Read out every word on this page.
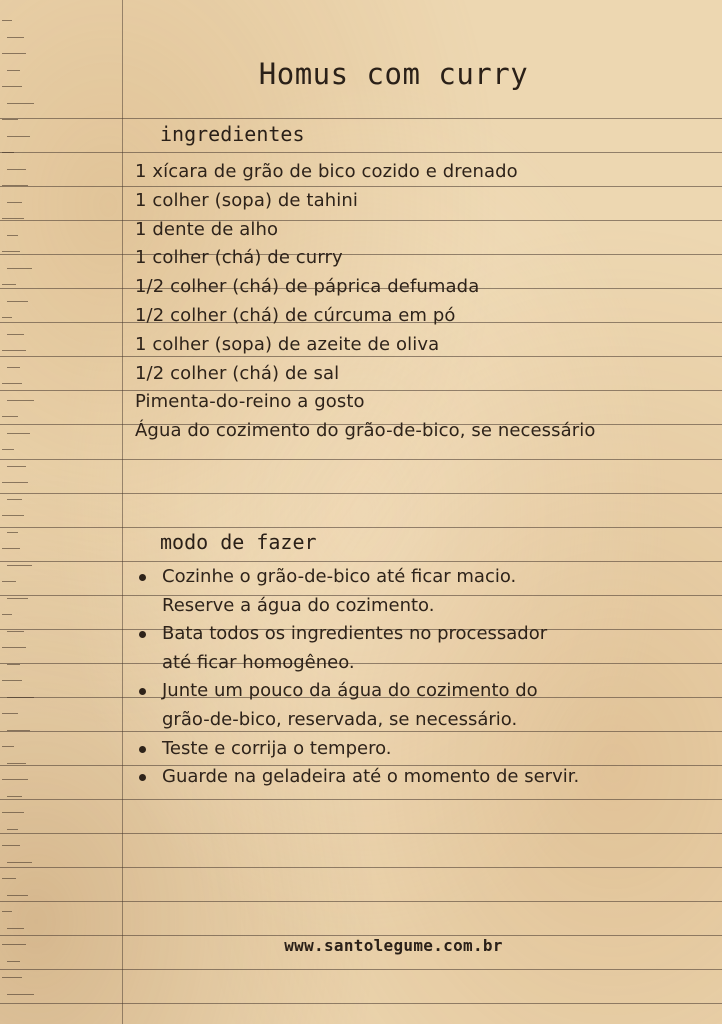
Homus com curry
ingredientes
1 xícara de grão de bico cozido e drenado
1 colher (sopa) de tahini
1 dente de alho
1 colher (chá) de curry
1/2 colher (chá) de páprica defumada
1/2 colher (chá) de cúrcuma em pó
1 colher (sopa) de azeite de oliva
1/2 colher (chá) de sal
Pimenta-do-reino a gosto
Água do cozimento do grão-de-bico, se necessário
modo de fazer
Cozinhe o grão-de-bico até ficar macio.
Reserve a água do cozimento.
Bata todos os ingredientes no processador
até ficar homogêneo.
Junte um pouco da água do cozimento do
grão-de-bico, reservada, se necessário.
Teste e corrija o tempero.
Guarde na geladeira até o momento de servir.
www.santolegume.com.br
